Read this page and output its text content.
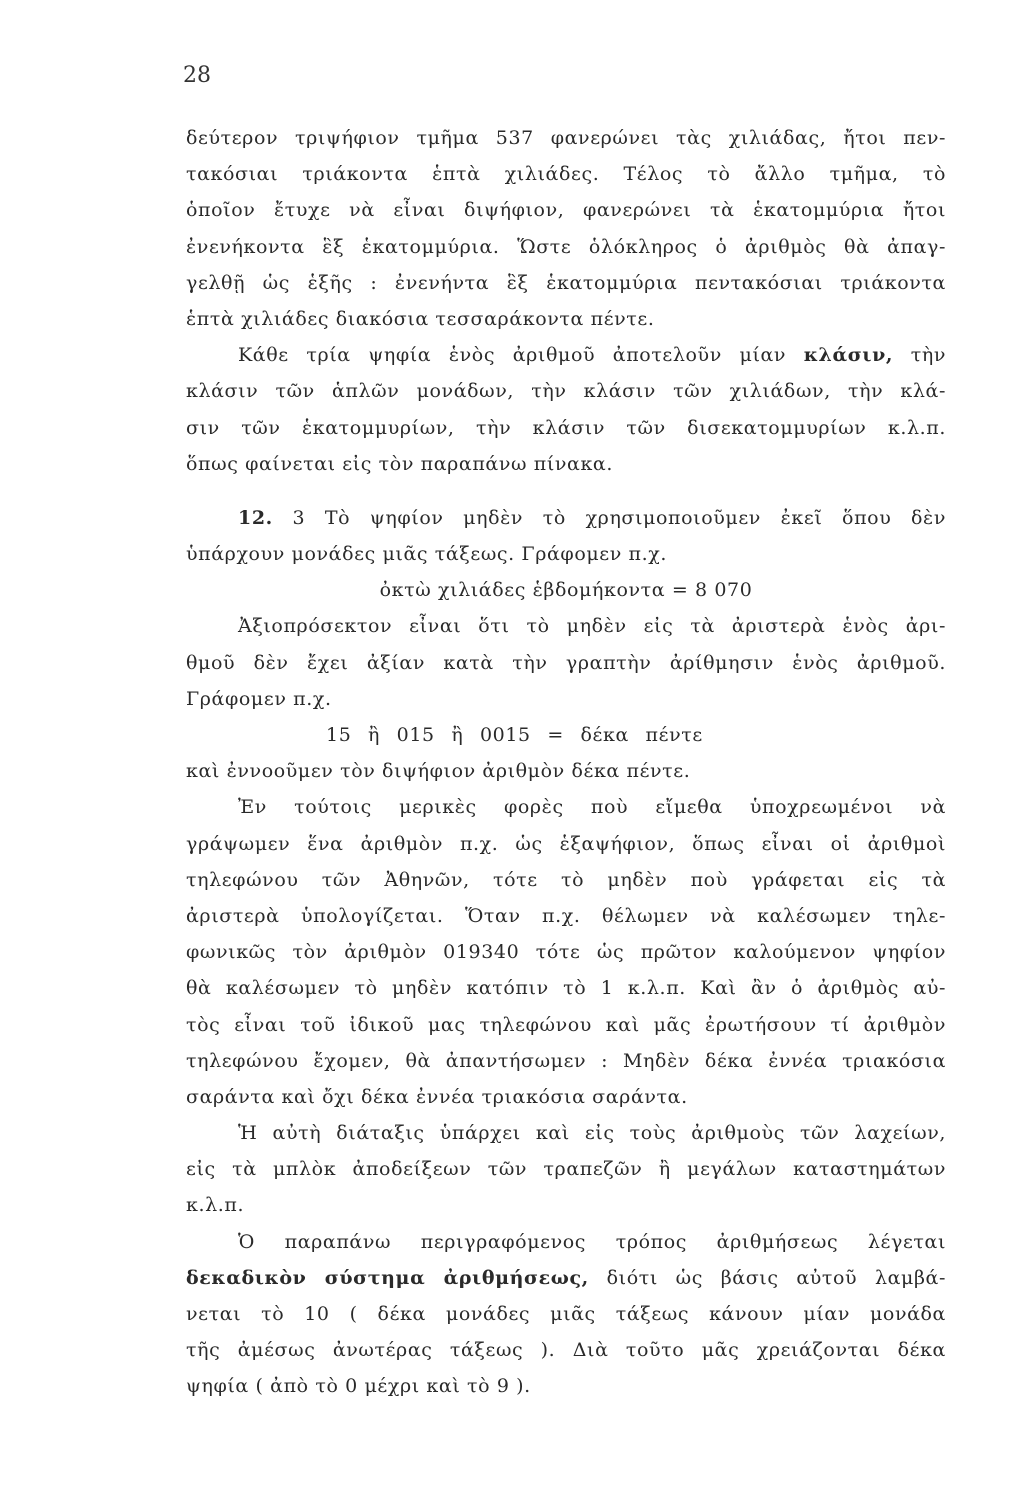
28
δεύτερον τριψήφιον τμῆμα 537 φανερώνει τὰς χιλιάδας, ἤτοι πεν-
τακόσιαι τριάκοντα ἑπτὰ χιλιάδες. Τέλος τὸ ἄλλο τμῆμα, τὸ
ὁποῖον ἔτυχε νὰ εἶναι διψήφιον, φανερώνει τὰ ἑκατομμύρια ἤτοι
ἐνενήκοντα ἓξ ἑκατομμύρια. Ὥστε ὁλόκληρος ὁ ἀριθμὸς θὰ ἀπαγ-
γελθῇ ὡς ἑξῆς : ἐνενήντα ἓξ ἑκατομμύρια πεντακόσιαι τριάκοντα
ἑπτὰ χιλιάδες διακόσια τεσσαράκοντα πέντε.
Κάθε τρία ψηφία ἑνὸς ἀριθμοῦ ἀποτελοῦν μίαν κλάσιν, τὴν
κλάσιν τῶν ἁπλῶν μονάδων, τὴν κλάσιν τῶν χιλιάδων, τὴν κλά-
σιν τῶν ἑκατομμυρίων, τὴν κλάσιν τῶν δισεκατομμυρίων κ.λ.π.
ὅπως φαίνεται εἰς τὸν παραπάνω πίνακα.
12. 3 Τὸ ψηφίον μηδὲν τὸ χρησιμοποιοῦμεν ἐκεῖ ὅπου δὲν
ὑπάρχουν μονάδες μιᾶς τάξεως. Γράφομεν π.χ.
ὀκτὼ χιλιάδες ἑβδομήκοντα = 8 070
Ἀξιοπρόσεκτον εἶναι ὅτι τὸ μηδὲν εἰς τὰ ἀριστερὰ ἑνὸς ἀρι-
θμοῦ δὲν ἔχει ἀξίαν κατὰ τὴν γραπτὴν ἀρίθμησιν ἑνὸς ἀριθμοῦ.
Γράφομεν π.χ.
15 ἢ 015 ἢ 0015 = δέκα πέντε
καὶ ἐννοοῦμεν τὸν διψήφιον ἀριθμὸν δέκα πέντε.
Ἐν τούτοις μερικὲς φορὲς ποὺ εἴμεθα ὑποχρεωμένοι νὰ
γράψωμεν ἕνα ἀριθμὸν π.χ. ὡς ἑξαψήφιον, ὅπως εἶναι οἱ ἀριθμοὶ
τηλεφώνου τῶν Ἀθηνῶν, τότε τὸ μηδὲν ποὺ γράφεται εἰς τὰ
ἀριστερὰ ὑπολογίζεται. Ὅταν π.χ. θέλωμεν νὰ καλέσωμεν τηλε-
φωνικῶς τὸν ἀριθμὸν 019340 τότε ὡς πρῶτον καλούμενον ψηφίον
θὰ καλέσωμεν τὸ μηδὲν κατόπιν τὸ 1 κ.λ.π. Καὶ ἂν ὁ ἀριθμὸς αὐ-
τὸς εἶναι τοῦ ἰδικοῦ μας τηλεφώνου καὶ μᾶς ἐρωτήσουν τί ἀριθμὸν
τηλεφώνου ἔχομεν, θὰ ἀπαντήσωμεν : Μηδὲν δέκα ἐννέα τριακόσια
σαράντα καὶ ὄχι δέκα ἐννέα τριακόσια σαράντα.
Ἡ αὐτὴ διάταξις ὑπάρχει καὶ εἰς τοὺς ἀριθμοὺς τῶν λαχείων,
εἰς τὰ μπλὸκ ἀποδείξεων τῶν τραπεζῶν ἢ μεγάλων καταστημάτων
κ.λ.π.
Ὁ παραπάνω περιγραφόμενος τρόπος ἀριθμήσεως λέγεται
δεκαδικὸν σύστημα ἀριθμήσεως, διότι ὡς βάσις αὐτοῦ λαμβά-
νεται τὸ 10 ( δέκα μονάδες μιᾶς τάξεως κάνουν μίαν μονάδα
τῆς ἀμέσως ἀνωτέρας τάξεως ). Διὰ τοῦτο μᾶς χρειάζονται δέκα
ψηφία ( ἀπὸ τὸ 0 μέχρι καὶ τὸ 9 ).
